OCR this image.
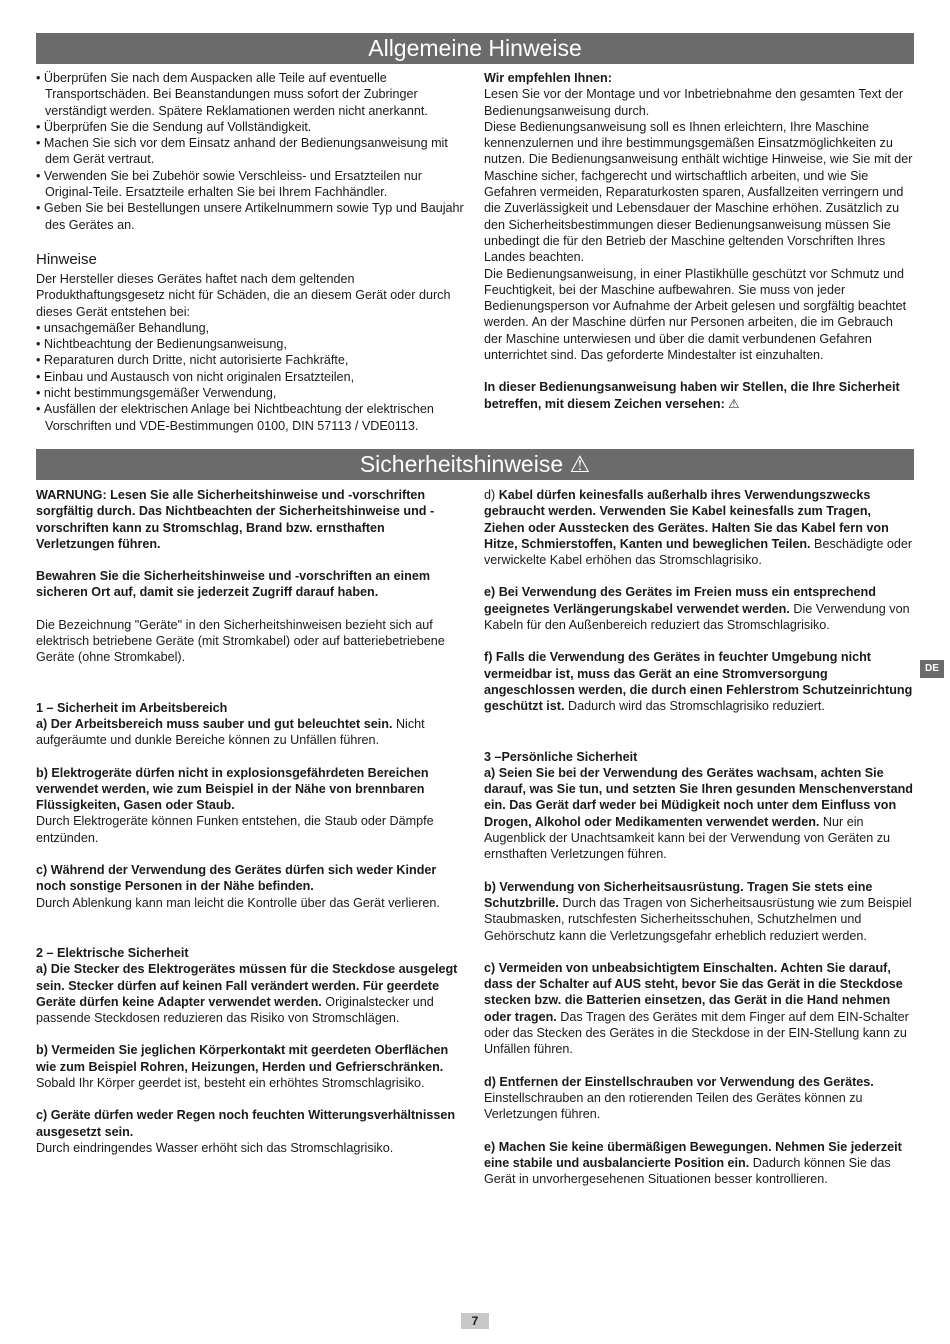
Allgemeine Hinweise
• Überprüfen Sie nach dem Auspacken alle Teile auf eventuelle Transportschäden. Bei Beanstandungen muss sofort der Zubringer verständigt werden. Spätere Reklamationen werden nicht anerkannt.
• Überprüfen Sie die Sendung auf Vollständigkeit.
• Machen Sie sich vor dem Einsatz anhand der Bedienungsanweisung mit dem Gerät vertraut.
• Verwenden Sie bei Zubehör sowie Verschleiss- und Ersatzteilen nur Original-Teile. Ersatzteile erhalten Sie bei Ihrem Fachhändler.
• Geben Sie bei Bestellungen unsere Artikelnummern sowie Typ und Baujahr des Gerätes an.
Hinweise

Der Hersteller dieses Gerätes haftet nach dem geltenden Produkthaftungsgesetz nicht für Schäden, die an diesem Gerät oder durch dieses Gerät entstehen bei:

• unsachgemäßer Behandlung,
• Nichtbeachtung der Bedienungsanweisung,
• Reparaturen durch Dritte, nicht autorisierte Fachkräfte,
• Einbau und Austausch von nicht originalen Ersatzteilen,
• nicht bestimmungsgemäßer Verwendung,
• Ausfällen der elektrischen Anlage bei Nichtbeachtung der elektrischen Vorschriften und VDE-Bestimmungen 0100, DIN 57113 / VDE0113.

Wir empfehlen Ihnen:

Lesen Sie vor der Montage und vor Inbetriebnahme den gesamten Text der Bedienungsanweisung durch.

Diese Bedienungsanweisung soll es Ihnen erleichtern, Ihre Maschine kennenzulernen und ihre bestimmungsgemäßen Einsatzmöglichkeiten zu nutzen. Die Bedienungsanweisung enthält wichtige Hinweise, wie Sie mit der Maschine sicher, fachgerecht und wirtschaftlich arbeiten, und wie Sie Gefahren vermeiden, Reparaturkosten sparen, Ausfallzeiten verringern und die Zuverlässigkeit und Lebensdauer der Maschine erhöhen. Zusätzlich zu den Sicherheitsbestimmungen dieser Bedienungsanweisung müssen Sie unbedingt die für den Betrieb der Maschine geltenden Vorschriften Ihres Landes beachten.

Die Bedienungsanweisung, in einer Plastikhülle geschützt vor Schmutz und Feuchtigkeit, bei der Maschine aufbewahren. Sie muss von jeder Bedienungsperson vor Aufnahme der Arbeit gelesen und sorgfältig beachtet werden. An der Maschine dürfen nur Personen arbeiten, die im Gebrauch der Maschine unterwiesen und über die damit verbundenen Gefahren unterrichtet sind. Das geforderte Mindestalter ist einzuhalten.

In dieser Bedienungsanweisung haben wir Stellen, die Ihre Sicherheit betreffen, mit diesem Zeichen versehen: ⚠

Sicherheitshinweise ⚠

WARNUNG: Lesen Sie alle Sicherheitshinweise und -vorschriften sorgfältig durch. Das Nichtbeachten der Sicherheitshinweise und -vorschriften kann zu Stromschlag, Brand bzw. ernsthaften Verletzungen führen.

Bewahren Sie die Sicherheitshinweise und -vorschriften an einem sicheren Ort auf, damit sie jederzeit Zugriff darauf haben.

Die Bezeichnung "Geräte" in den Sicherheitshinweisen bezieht sich auf elektrisch betriebene Geräte (mit Stromkabel) oder auf batteriebetriebene Geräte (ohne Stromkabel).

1 – Sicherheit im Arbeitsbereich

a) Der Arbeitsbereich muss sauber und gut beleuchtet sein. Nicht aufgeräumte und dunkle Bereiche können zu Unfällen führen.

b) Elektrogeräte dürfen nicht in explosionsgefährdeten Bereichen verwendet werden, wie zum Beispiel in der Nähe von brennbaren Flüssigkeiten, Gasen oder Staub.

Durch Elektrogeräte können Funken entstehen, die Staub oder Dämpfe entzünden.

c) Während der Verwendung des Gerätes dürfen sich weder Kinder noch sonstige Personen in der Nähe befinden.

Durch Ablenkung kann man leicht die Kontrolle über das Gerät verlieren.

2 – Elektrische Sicherheit

a) Die Stecker des Elektrogerätes müssen für die Steckdose ausgelegt sein. Stecker dürfen auf keinen Fall verändert werden. Für geerdete Geräte dürfen keine Adapter verwendet werden. Originalstecker und passende Steckdosen reduzieren das Risiko von Stromschlägen.

b) Vermeiden Sie jeglichen Körperkontakt mit geerdeten Oberflächen wie zum Beispiel Rohren, Heizungen, Herden und Gefrierschränken. Sobald Ihr Körper geerdet ist, besteht ein erhöhtes Stromschlagrisiko.

c) Geräte dürfen weder Regen noch feuchten Witterungsverhältnissen ausgesetzt sein.

Durch eindringendes Wasser erhöht sich das Stromschlagrisiko.

d) Kabel dürfen keinesfalls außerhalb ihres Verwendungszwecks gebraucht werden. Verwenden Sie Kabel keinesfalls zum Tragen, Ziehen oder Ausstecken des Gerätes. Halten Sie das Kabel fern von Hitze, Schmierstoffen, Kanten und beweglichen Teilen. Beschädigte oder verwickelte Kabel erhöhen das Stromschlagrisiko.

e) Bei Verwendung des Gerätes im Freien muss ein entsprechend geeignetes Verlängerungskabel verwendet werden. Die Verwendung von Kabeln für den Außenbereich reduziert das Stromschlagrisiko.

f) Falls die Verwendung des Gerätes in feuchter Umgebung nicht vermeidbar ist, muss das Gerät an eine Stromversorgung angeschlossen werden, die durch einen Fehlerstrom Schutzeinrichtung geschützt ist. Dadurch wird das Stromschlagrisiko reduziert.

3 –Persönliche Sicherheit

a) Seien Sie bei der Verwendung des Gerätes wachsam, achten Sie darauf, was Sie tun, und setzten Sie Ihren gesunden Menschenverstand ein. Das Gerät darf weder bei Müdigkeit noch unter dem Einfluss von Drogen, Alkohol oder Medikamenten verwendet werden. Nur ein Augenblick der Unachtsamkeit kann bei der Verwendung von Geräten zu ernsthaften Verletzungen führen.

b) Verwendung von Sicherheitsausrüstung. Tragen Sie stets eine Schutzbrille. Durch das Tragen von Sicherheitsausrüstung wie zum Beispiel Staubmasken, rutschfesten Sicherheitsschuhen, Schutzhelmen und Gehörschutz kann die Verletzungsgefahr erheblich reduziert werden.

c) Vermeiden von unbeabsichtigtem Einschalten. Achten Sie darauf, dass der Schalter auf AUS steht, bevor Sie das Gerät in die Steckdose stecken bzw. die Batterien einsetzen, das Gerät in die Hand nehmen oder tragen. Das Tragen des Gerätes mit dem Finger auf dem EIN-Schalter oder das Stecken des Gerätes in die Steckdose in der EIN-Stellung kann zu Unfällen führen.

d) Entfernen der Einstellschrauben vor Verwendung des Gerätes.

Einstellschrauben an den rotierenden Teilen des Gerätes können zu Verletzungen führen.

e) Machen Sie keine übermäßigen Bewegungen. Nehmen Sie jederzeit eine stabile und ausbalancierte Position ein. Dadurch können Sie das Gerät in unvorhergesehenen Situationen besser kontrollieren.

DE
7
